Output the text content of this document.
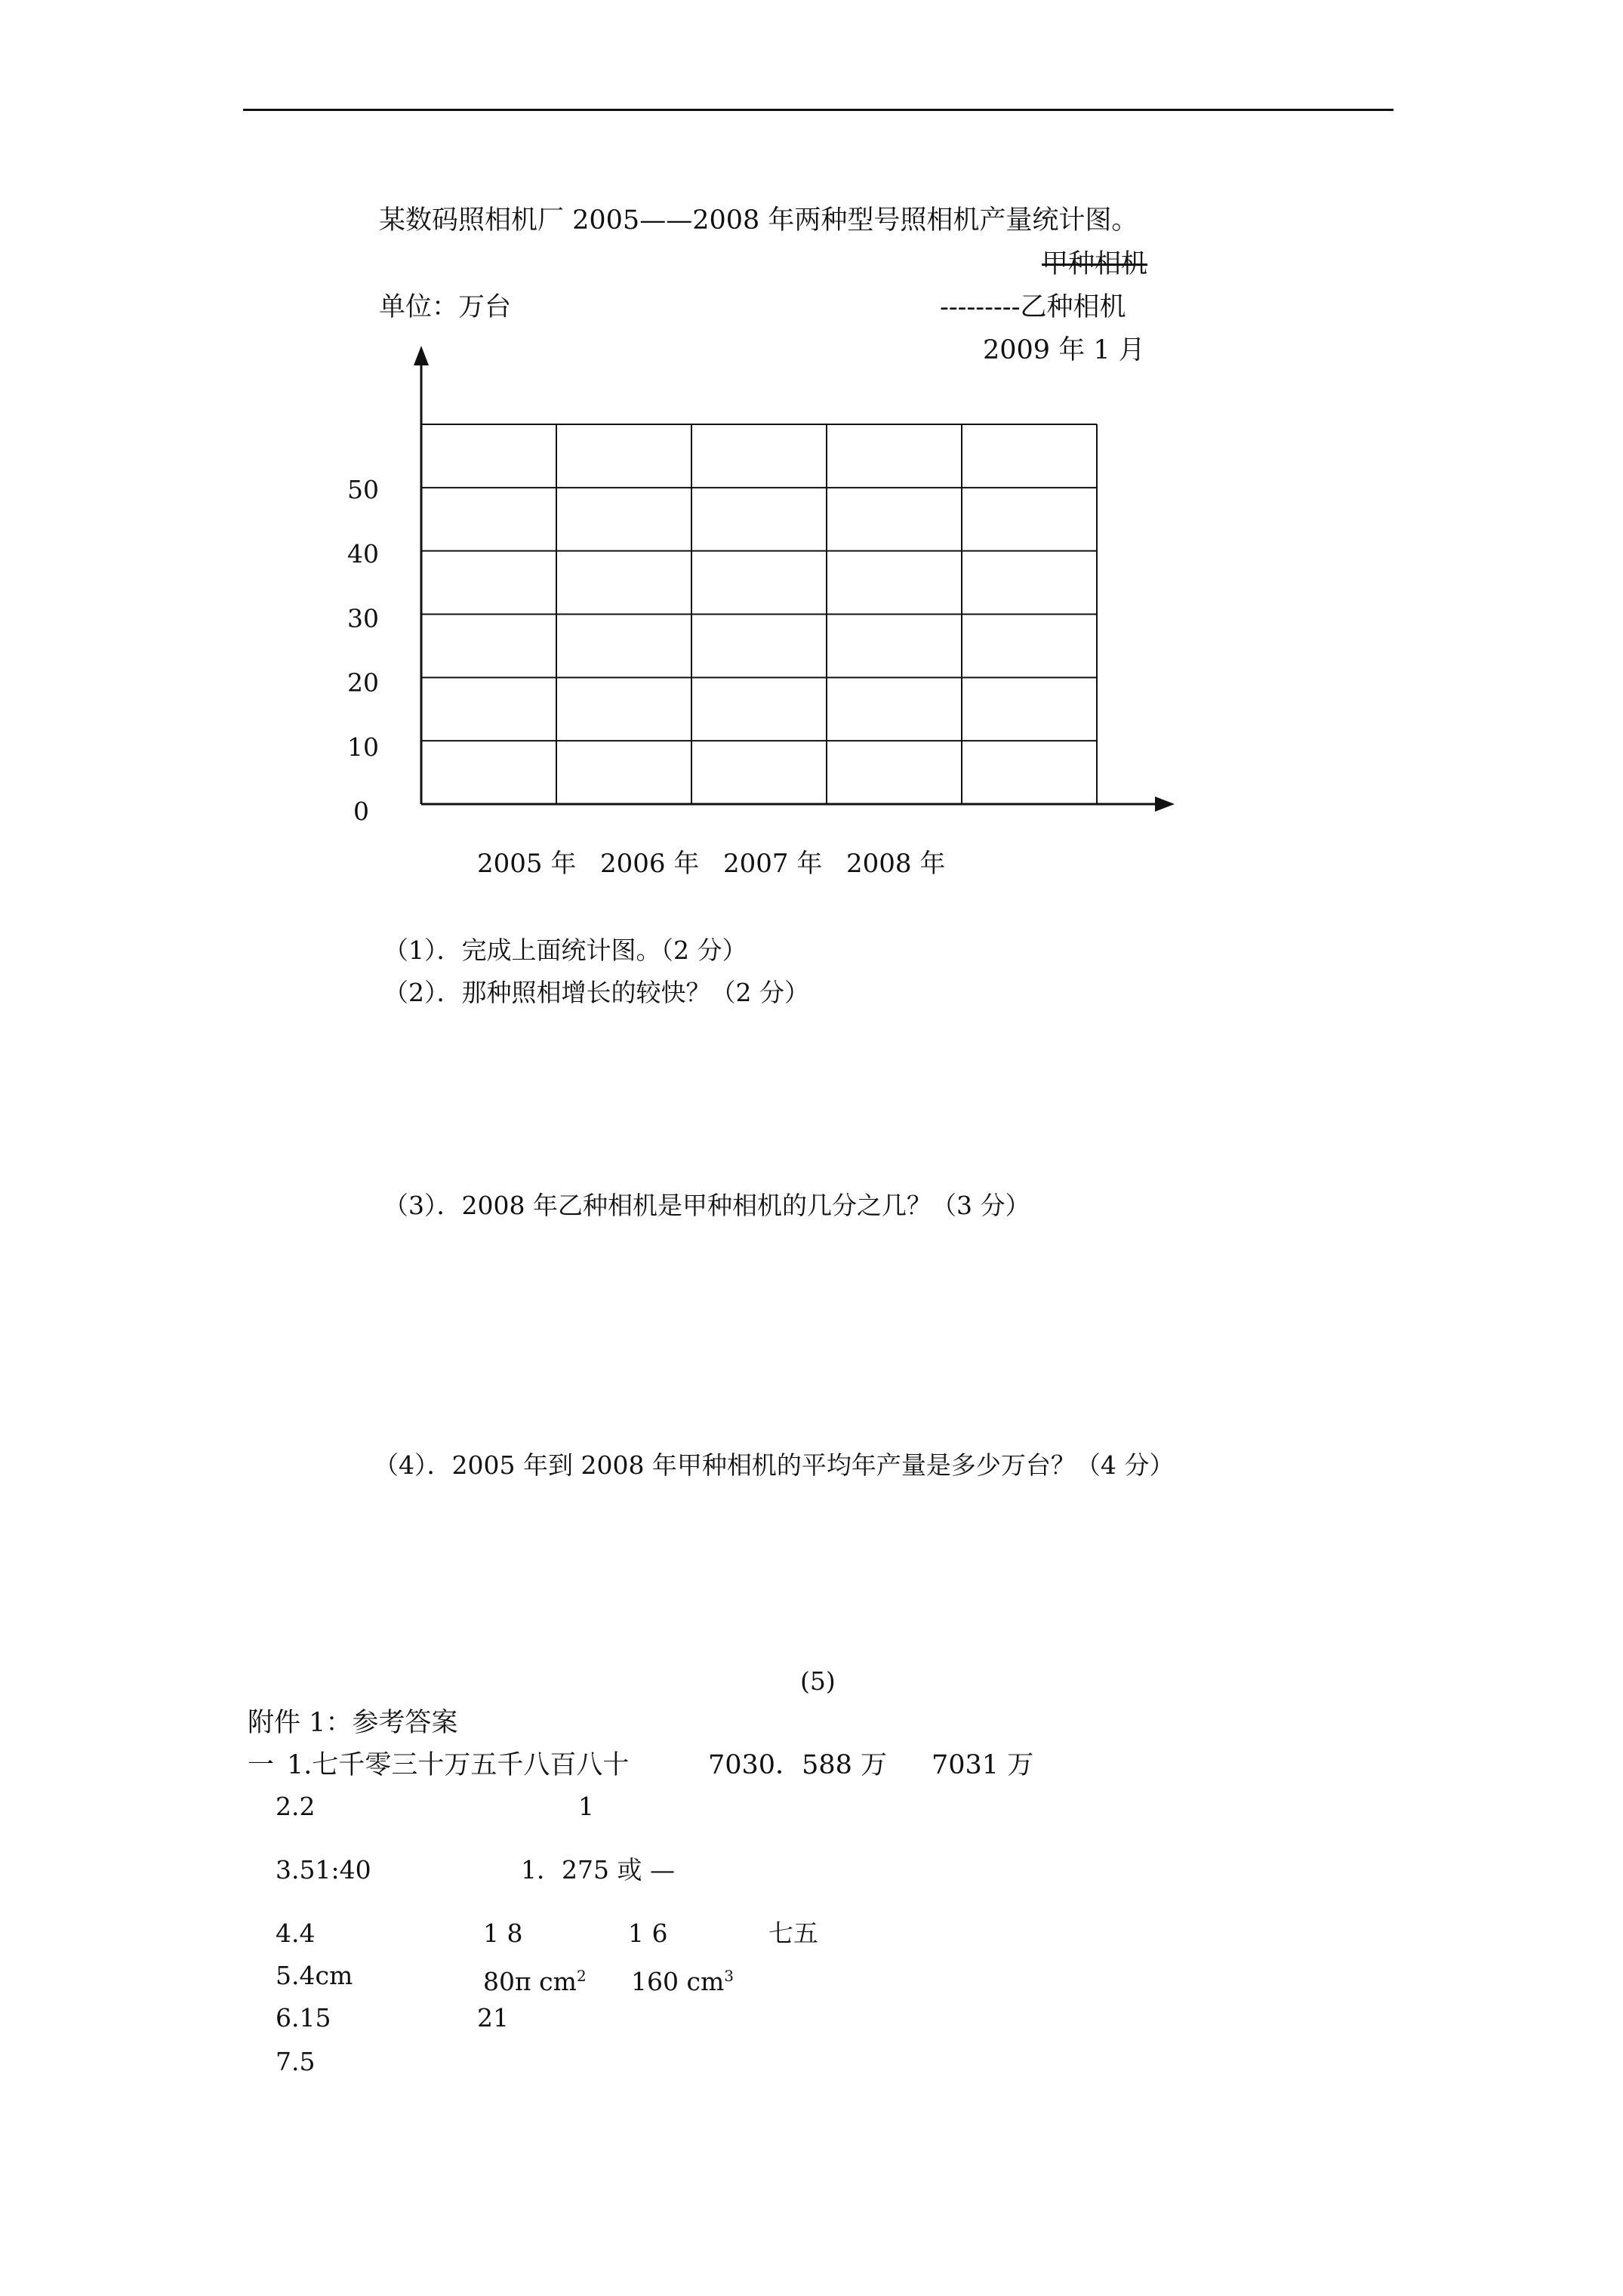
某数码照相机厂 2005——2008 年两种型号照相机产量统计图。
甲种相机
单位：万台	---------乙种相机
2009 年 1 月
0
10
20
30
40
50
2005 年 2006 年 2007 年 2008 年
（1）．完成上面统计图。（2 分）
（2）．那种照相增长的较快？（2 分）
（3）．2008 年乙种相机是甲种相机的几分之几？（3 分）
（4）．2005 年到 2008 年甲种相机的平均年产量是多少万台？（4 分）
(5)
附件 1：参考答案
一 1.七千零三十万五千八百八十	7030．588 万 7031 万
2.2	1
3.51:40	1．275 或 —
4.4	1 8	1 6	七五
5.4cm	80π $cm^2$ 160 $cm^3$
6.15	21
7.5
